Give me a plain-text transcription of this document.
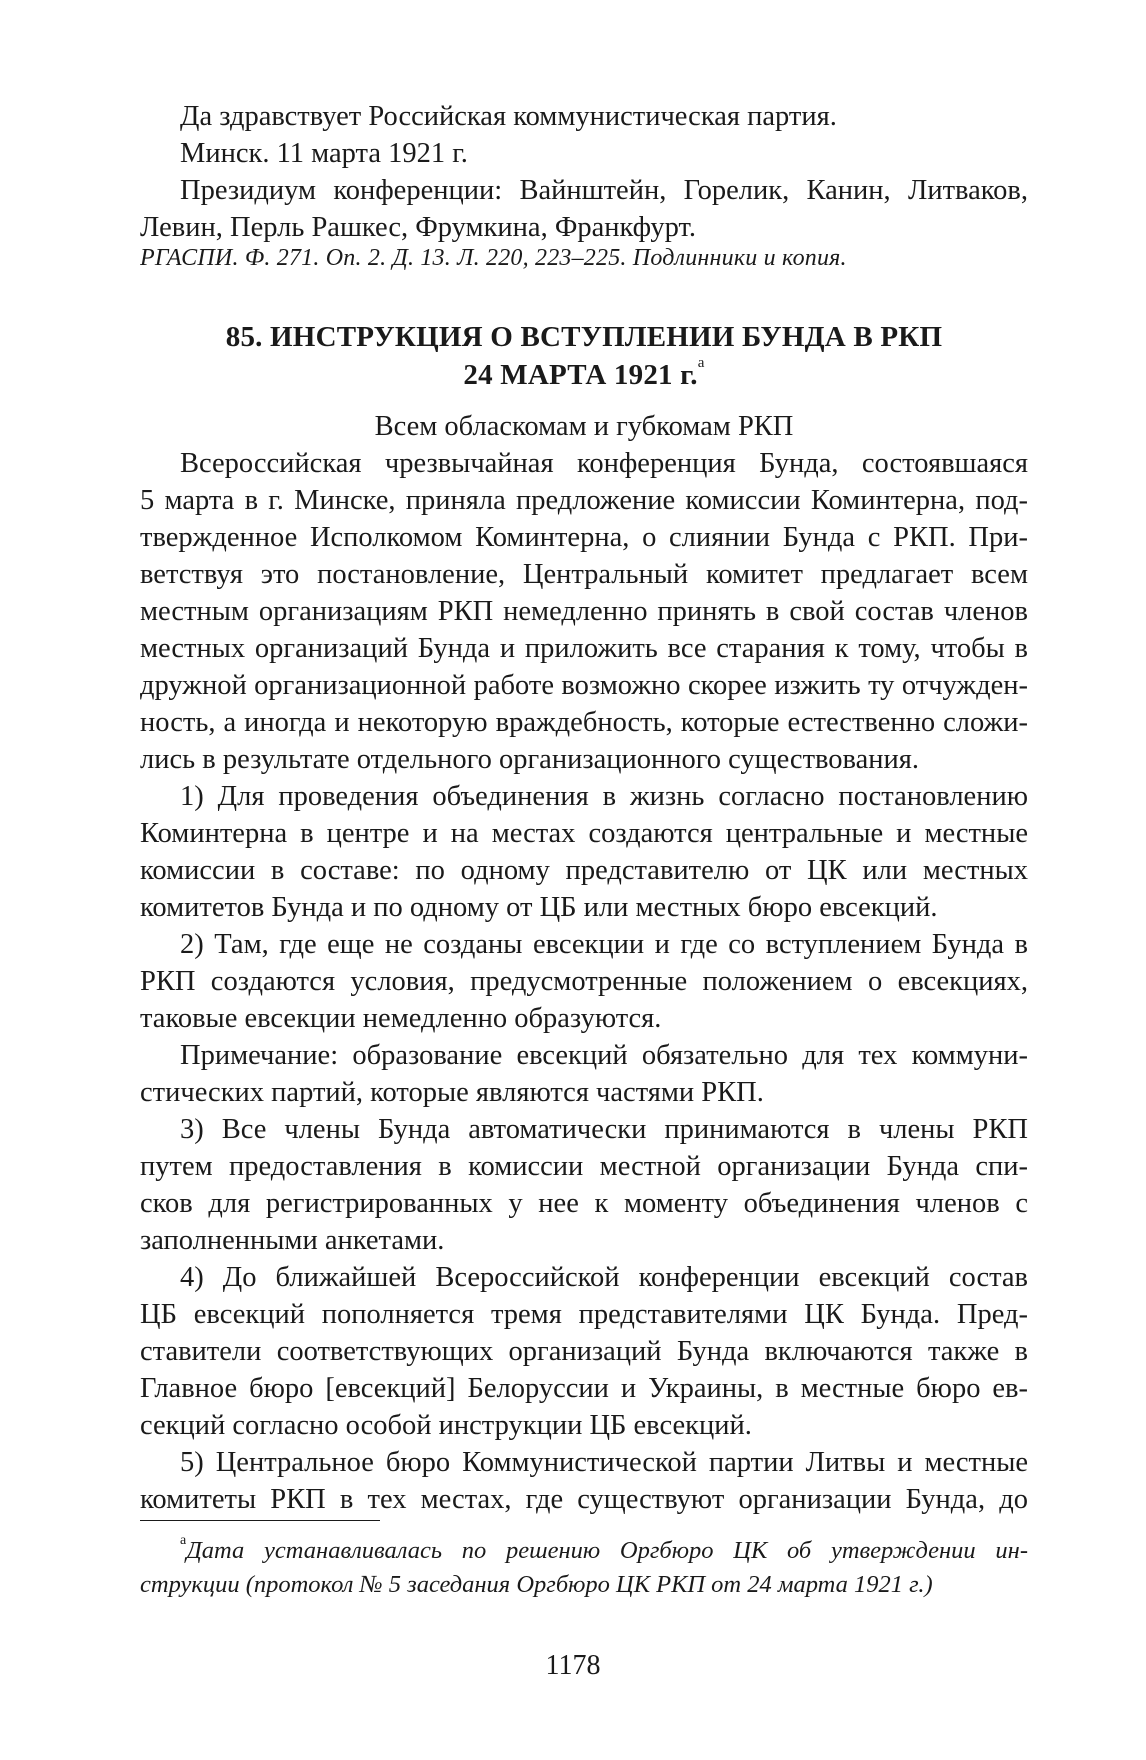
Да здравствует Российская коммунистическая партия.
Минск. 11 марта 1921 г.
Президиум конференции: Вайнштейн, Горелик, Канин, Литваков,
Левин, Перль Рашкес, Фрумкина, Франкфурт.
РГАСПИ. Ф. 271. Оп. 2. Д. 13. Л. 220, 223–225. Подлинники и копия.
85. ИНСТРУКЦИЯ О ВСТУПЛЕНИИ БУНДА В РКП
24 МАРТА 1921 г.$^а$
Всем обласкомам и губкомам РКП
Всероссийская чрезвычайная конференция Бунда, состоявшаяся
5 марта в г. Минске, приняла предложение комиссии Коминтерна, под-
твержденное Исполкомом Коминтерна, о слиянии Бунда с РКП. При-
ветствуя это постановление, Центральный комитет предлагает всем
местным организациям РКП немедленно принять в свой состав членов
местных организаций Бунда и приложить все старания к тому, чтобы в
дружной организационной работе возможно скорее изжить ту отчужден-
ность, а иногда и некоторую враждебность, которые естественно сложи-
лись в результате отдельного организационного существования.
1) Для проведения объединения в жизнь согласно постановлению
Коминтерна в центре и на местах создаются центральные и местные
комиссии в составе: по одному представителю от ЦК или местных
комитетов Бунда и по одному от ЦБ или местных бюро евсекций.
2) Там, где еще не созданы евсекции и где со вступлением Бунда в
РКП создаются условия, предусмотренные положением о евсекциях,
таковые евсекции немедленно образуются.
Примечание: образование евсекций обязательно для тех коммуни-
стических партий, которые являются частями РКП.
3) Все члены Бунда автоматически принимаются в члены РКП
путем предоставления в комиссии местной организации Бунда спи-
сков для регистрированных у нее к моменту объединения членов с
заполненными анкетами.
4) До ближайшей Всероссийской конференции евсекций состав
ЦБ евсекций пополняется тремя представителями ЦК Бунда. Пред-
ставители соответствующих организаций Бунда включаются также в
Главное бюро [евсекций] Белоруссии и Украины, в местные бюро ев-
секций согласно особой инструкции ЦБ евсекций.
5) Центральное бюро Коммунистической партии Литвы и местные
комитеты РКП в тех местах, где существуют организации Бунда, до
$^а$Дата устанавливалась по решению Оргбюро ЦК об утверждении ин-
струкции (протокол № 5 заседания Оргбюро ЦК РКП от 24 марта 1921 г.)
1178
